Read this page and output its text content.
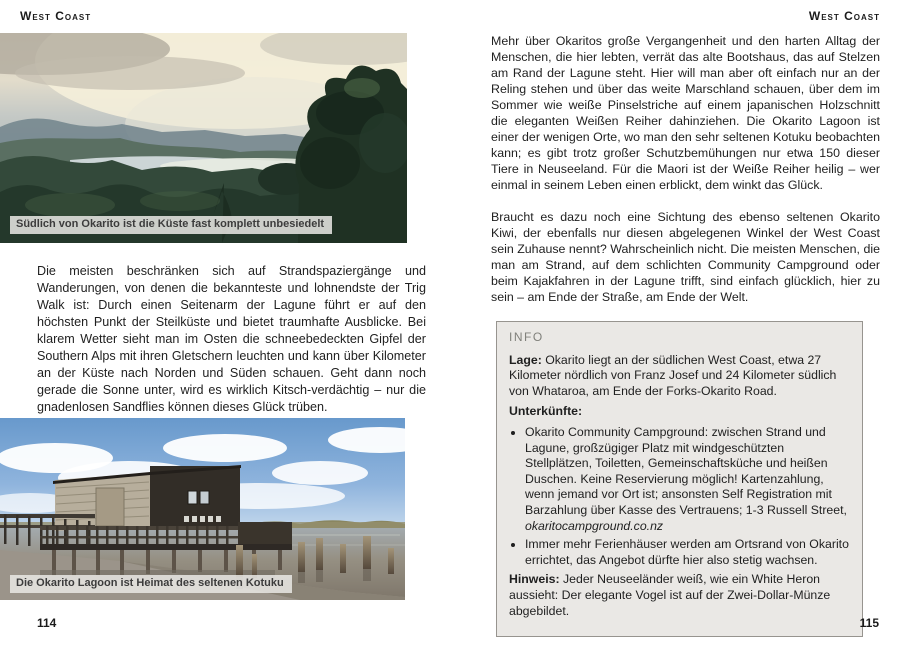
West Coast	West Coast
Südlich von Okarito ist die Küste fast komplett unbesiedelt

Die meisten beschränken sich auf Strandspaziergänge und Wanderungen, von denen die bekannteste und lohnendste der Trig Walk ist: Durch einen Seitenarm der Lagune führt er auf den höchsten Punkt der Steilküste und bietet traumhafte Ausblicke. Bei klarem Wetter sieht man im Osten die schneebedeckten Gipfel der Southern Alps mit ihren Gletschern leuchten und kann über Kilometer an der Küste nach Norden und Süden schauen. Geht dann noch gerade die Sonne unter, wird es wirklich Kitsch-verdächtig – nur die gnadenlosen Sandflies können dieses Glück trüben.

Die Okarito Lagoon ist Heimat des seltenen Kotuku
114

Mehr über Okaritos große Vergangenheit und den harten Alltag der Menschen, die hier lebten, verrät das alte Bootshaus, das auf Stelzen am Rand der Lagune steht. Hier will man aber oft einfach nur an der Reling stehen und über das weite Marschland schauen, über dem im Sommer wie weiße Pinselstriche auf einem japanischen Holzschnitt die eleganten Weißen Reiher dahinziehen. Die Okarito Lagoon ist einer der wenigen Orte, wo man den sehr seltenen Kotuku beobachten kann; es gibt trotz großer Schutzbemühungen nur etwa 150 dieser Tiere in Neuseeland. Für die Maori ist der Weiße Reiher heilig – wer einmal in seinem Leben einen erblickt, dem winkt das Glück.

Braucht es dazu noch eine Sichtung des ebenso seltenen Okarito Kiwi, der ebenfalls nur diesen abgelegenen Winkel der West Coast sein Zuhause nennt? Wahrscheinlich nicht. Die meisten Menschen, die man am Strand, auf dem schlichten Community Campground oder beim Kajakfahren in der Lagune trifft, sind einfach glücklich, hier zu sein – am Ende der Straße, am Ende der Welt.

INFO

Lage: Okarito liegt an der südlichen West Coast, etwa 27 Kilometer nördlich von Franz Josef und 24 Kilometer südlich von Whataroa, am Ende der Forks-Okarito Road.

Unterkünfte:

• Okarito Community Campground: zwischen Strand und Lagune, großzügiger Platz mit windgeschützten Stellplätzen, Toiletten, Gemeinschaftsküche und heißen Duschen. Keine Reservierung möglich! Kartenzahlung, wenn jemand vor Ort ist; ansonsten Self Registration mit Barzahlung über Kasse des Vertrauens; 1-3 Russell Street, okaritocampground.co.nz
• Immer mehr Ferienhäuser werden am Ortsrand von Okarito errichtet, das Angebot dürfte hier also stetig wachsen.

Hinweis: Jeder Neuseeländer weiß, wie ein White Heron aussieht: Der elegante Vogel ist auf der Zwei-Dollar-Münze abgebildet.

115
